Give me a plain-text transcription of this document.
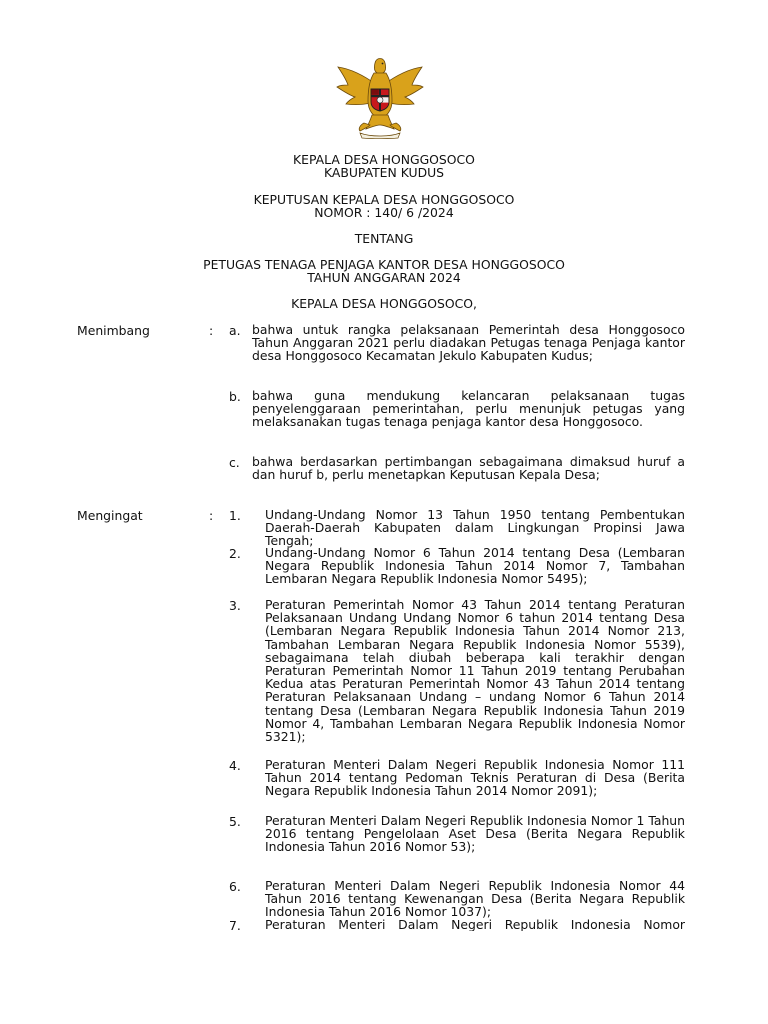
KEPALA DESA HONGGOSOCO
KABUPATEN KUDUS
KEPUTUSAN KEPALA DESA HONGGOSOCO
NOMOR : 140/ 6 /2024
TENTANG
PETUGAS TENAGA PENJAGA KANTOR DESA HONGGOSOCO
TAHUN ANGGARAN 2024
KEPALA DESA HONGGOSOCO,
Menimbang	: a. bahwa untuk rangka pelaksanaan Pemerintah desa Honggosoco Tahun Anggaran 2021 perlu diadakan Petugas tenaga Penjaga kantor desa Honggosoco Kecamatan Jekulo Kabupaten Kudus;
b. bahwa guna mendukung kelancaran pelaksanaan tugas penyelenggaraan pemerintahan, perlu menunjuk petugas yang melaksanakan tugas tenaga penjaga kantor desa Honggosoco.
c. bahwa berdasarkan pertimbangan sebagaimana dimaksud huruf a dan huruf b, perlu menetapkan Keputusan Kepala Desa;
Mengingat	: 1. Undang-Undang Nomor 13 Tahun 1950 tentang Pembentukan Daerah-Daerah Kabupaten dalam Lingkungan Propinsi Jawa Tengah;
2. Undang-Undang Nomor 6 Tahun 2014 tentang Desa (Lembaran Negara Republik Indonesia Tahun 2014 Nomor 7, Tambahan Lembaran Negara Republik Indonesia Nomor 5495);
3. Peraturan Pemerintah Nomor 43 Tahun 2014 tentang Peraturan Pelaksanaan Undang Undang Nomor 6 tahun 2014 tentang Desa (Lembaran Negara Republik Indonesia Tahun 2014 Nomor 213, Tambahan Lembaran Negara Republik Indonesia Nomor 5539), sebagaimana telah diubah beberapa kali terakhir dengan Peraturan Pemerintah Nomor 11 Tahun 2019 tentang Perubahan Kedua atas Peraturan Pemerintah Nomor 43 Tahun 2014 tentang Peraturan Pelaksanaan Undang – undang Nomor 6 Tahun 2014 tentang Desa (Lembaran Negara Republik Indonesia Tahun 2019 Nomor 4, Tambahan Lembaran Negara Republik Indonesia Nomor 5321);
4. Peraturan Menteri Dalam Negeri Republik Indonesia Nomor 111 Tahun 2014 tentang Pedoman Teknis Peraturan di Desa (Berita Negara Republik Indonesia Tahun 2014 Nomor 2091);
5. Peraturan Menteri Dalam Negeri Republik Indonesia Nomor 1 Tahun 2016 tentang Pengelolaan Aset Desa (Berita Negara Republik Indonesia Tahun 2016 Nomor 53);
6. Peraturan Menteri Dalam Negeri Republik Indonesia Nomor 44 Tahun 2016 tentang Kewenangan Desa (Berita Negara Republik Indonesia Tahun 2016 Nomor 1037);
7. Peraturan Menteri Dalam Negeri Republik Indonesia Nomor
